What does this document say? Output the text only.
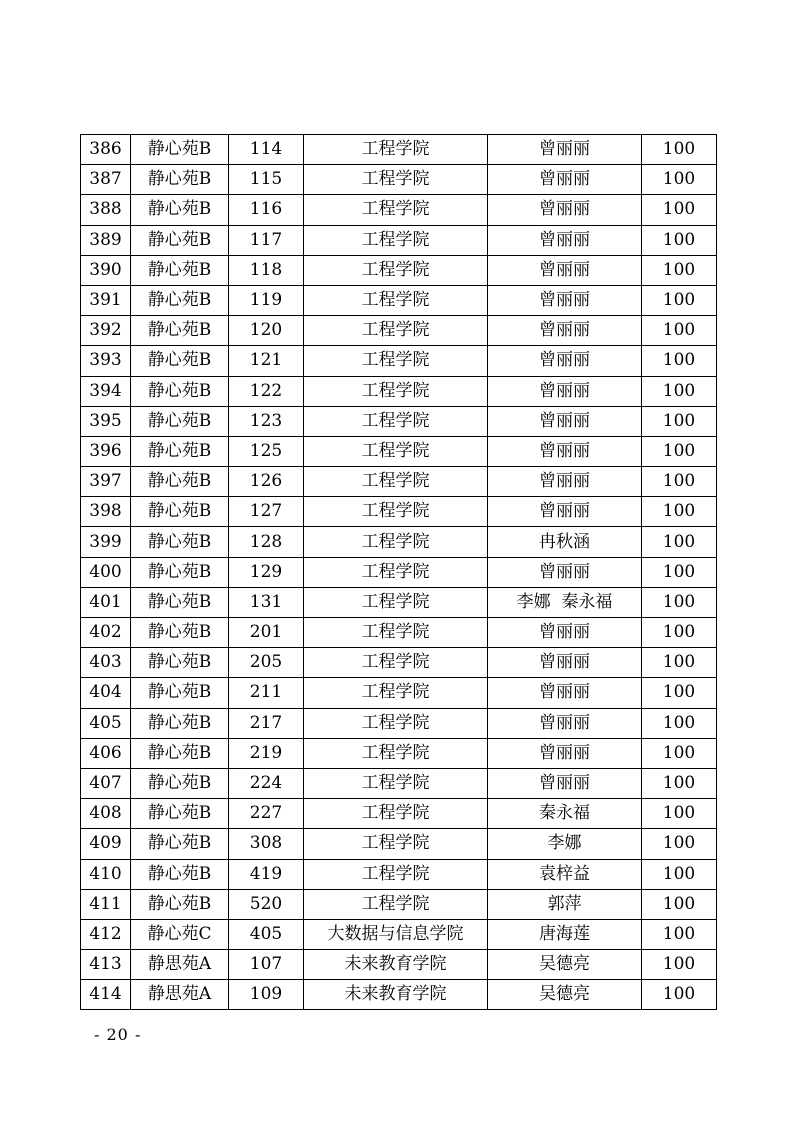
386	静心苑B	114	工程学院	曾丽丽	100
387	静心苑B	115	工程学院	曾丽丽	100
388	静心苑B	116	工程学院	曾丽丽	100
389	静心苑B	117	工程学院	曾丽丽	100
390	静心苑B	118	工程学院	曾丽丽	100
391	静心苑B	119	工程学院	曾丽丽	100
392	静心苑B	120	工程学院	曾丽丽	100
393	静心苑B	121	工程学院	曾丽丽	100
394	静心苑B	122	工程学院	曾丽丽	100
395	静心苑B	123	工程学院	曾丽丽	100
396	静心苑B	125	工程学院	曾丽丽	100
397	静心苑B	126	工程学院	曾丽丽	100
398	静心苑B	127	工程学院	曾丽丽	100
399	静心苑B	128	工程学院	冉秋涵	100
400	静心苑B	129	工程学院	曾丽丽	100
401	静心苑B	131	工程学院	李娜  秦永福	100
402	静心苑B	201	工程学院	曾丽丽	100
403	静心苑B	205	工程学院	曾丽丽	100
404	静心苑B	211	工程学院	曾丽丽	100
405	静心苑B	217	工程学院	曾丽丽	100
406	静心苑B	219	工程学院	曾丽丽	100
407	静心苑B	224	工程学院	曾丽丽	100
408	静心苑B	227	工程学院	秦永福	100
409	静心苑B	308	工程学院	李娜	100
410	静心苑B	419	工程学院	袁梓益	100
411	静心苑B	520	工程学院	郭萍	100
412	静心苑C	405	大数据与信息学院	唐海莲	100
413	静思苑A	107	未来教育学院	吴德亮	100
414	静思苑A	109	未来教育学院	吴德亮	100
- 20 -
